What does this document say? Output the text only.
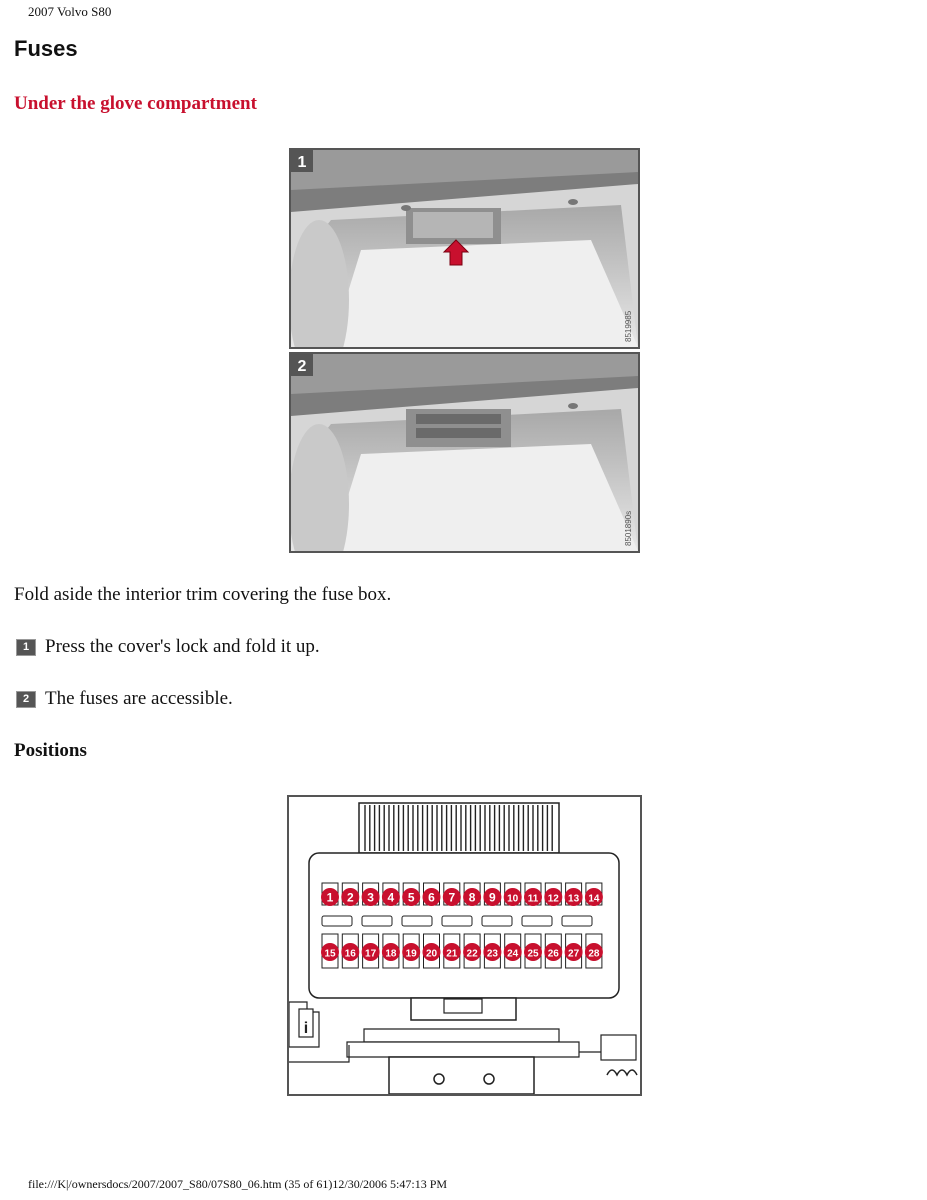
2007 Volvo S80
Fuses
Under the glove compartment
1
8519985
2
8501890s
Fold aside the interior trim covering the fuse box.
1 Press the cover's lock and fold it up.
2 The fuses are accessible.
Positions
1 2 3 4 5 6 7 8 9 10 11 12 13 14
15 16 17 18 19 20 21 22 23 24 25 26 27 28
i
file:///K|/ownersdocs/2007/2007_S80/07S80_06.htm (35 of 61)12/30/2006 5:47:13 PM
